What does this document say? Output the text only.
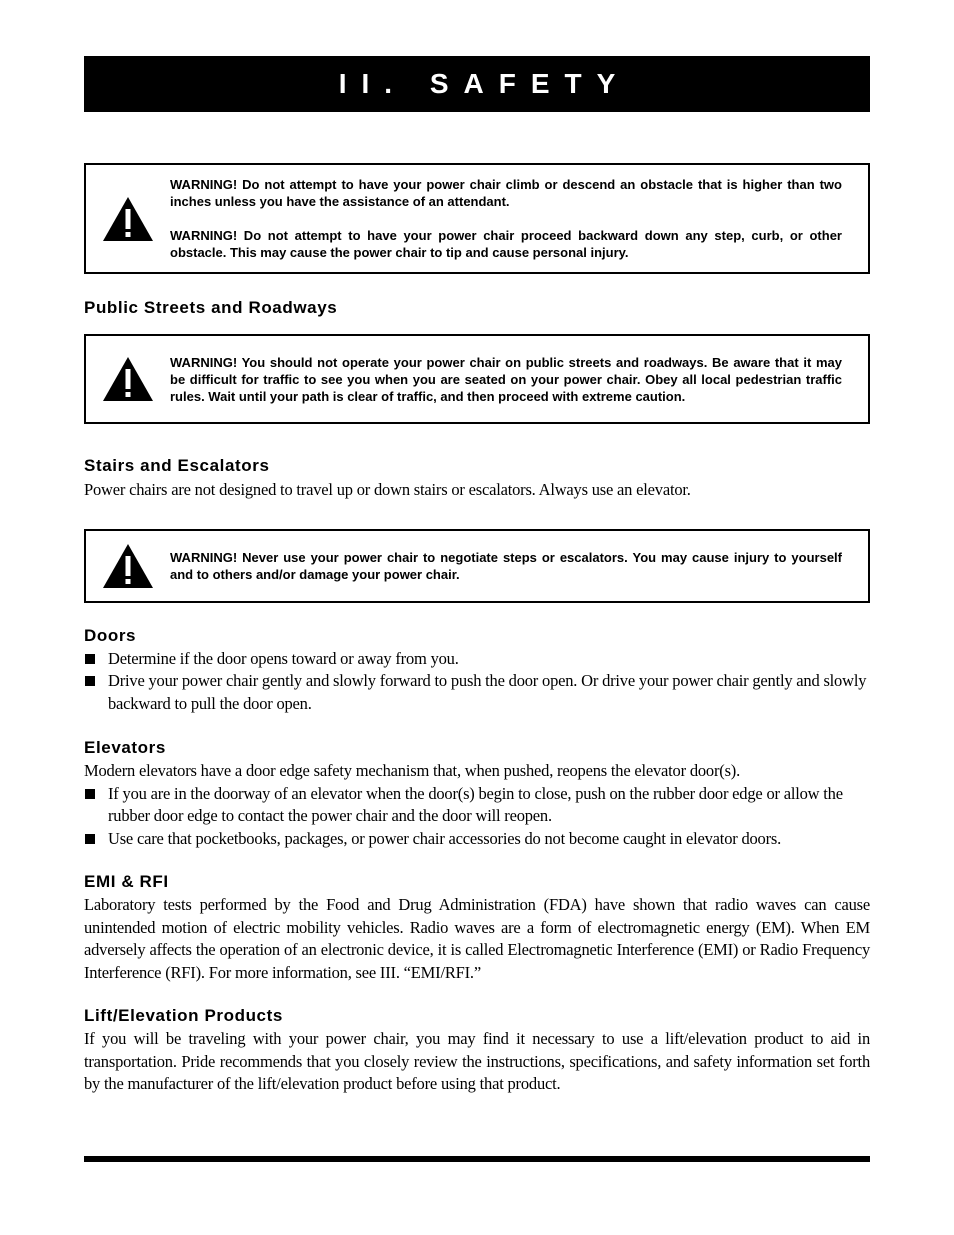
II. SAFETY

WARNING! Do not attempt to have your power chair climb or descend an obstacle that is higher than two inches unless you have the assistance of an attendant.

WARNING! Do not attempt to have your power chair proceed backward down any step, curb, or other obstacle. This may cause the power chair to tip and cause personal injury.

Public Streets and Roadways

WARNING! You should not operate your power chair on public streets and roadways. Be aware that it may be difficult for traffic to see you when you are seated on your power chair. Obey all local pedestrian traffic rules. Wait until your path is clear of traffic, and then proceed with extreme caution.

Stairs and Escalators

Power chairs are not designed to travel up or down stairs or escalators. Always use an elevator.

WARNING! Never use your power chair to negotiate steps or escalators. You may cause injury to yourself and to others and/or damage your power chair.

Doors
Determine if the door opens toward or away from you.
Drive your power chair gently and slowly forward to push the door open. Or drive your power chair gently and slowly backward to pull the door open.
Elevators

Modern elevators have a door edge safety mechanism that, when pushed, reopens the elevator door(s).

If you are in the doorway of an elevator when the door(s) begin to close, push on the rubber door edge or allow the rubber door edge to contact the power chair and the door will reopen.
Use care that pocketbooks, packages, or power chair accessories do not become caught in elevator doors.
EMI & RFI

Laboratory tests performed by the Food and Drug Administration (FDA) have shown that radio waves can cause unintended motion of electric mobility vehicles. Radio waves are a form of electromagnetic energy (EM). When EM adversely affects the operation of an electronic device, it is called Electromagnetic Interference (EMI) or Radio Frequency Interference (RFI). For more information, see III. “EMI/RFI.”

Lift/Elevation Products

If you will be traveling with your power chair, you may find it necessary to use a lift/elevation product to aid in transportation. Pride recommends that you closely review the instructions, specifications, and safety information set forth by the manufacturer of the lift/elevation product before using that product.
